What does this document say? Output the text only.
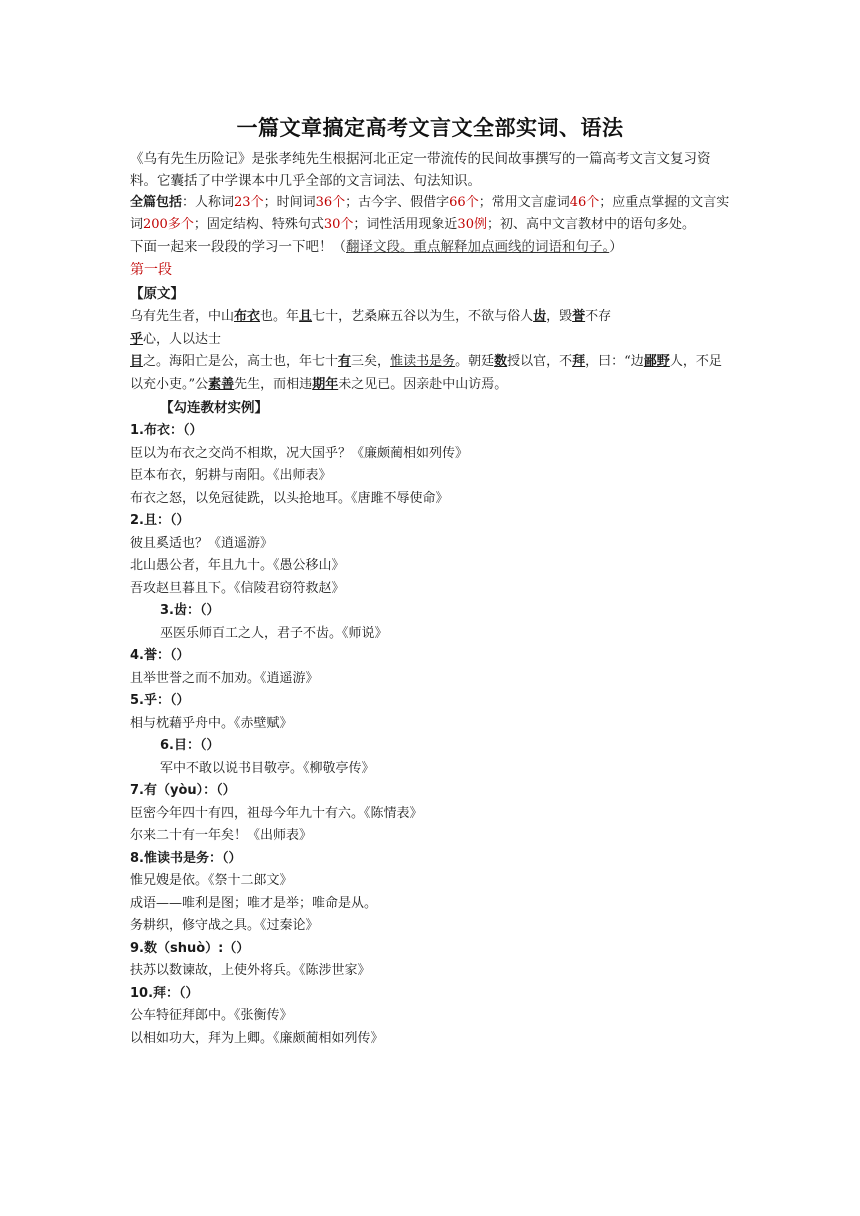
一篇文章搞定高考文言文全部实词、语法

《乌有先生历险记》是张孝纯先生根据河北正定一带流传的民间故事撰写的一篇高考文言文复习资料。它囊括了中学课本中几乎全部的文言词法、句法知识。

全篇包括：人称词23个；时间词36个；古今字、假借字66个；常用文言虚词46个；应重点掌握的文言实词200多个；固定结构、特殊句式30个；词性活用现象近30例；初、高中文言教材中的语句多处。

下面一起来一段段的学习一下吧！（翻译文段。重点解释加点画线的词语和句子。）

第一段

【原文】

乌有先生者，中山布衣也。年且七十，艺桑麻五谷以为生，不欲与俗人齿，毁誉不存
乎心，人以达士

目之。海阳亡是公，高士也，年七十有三矣，惟读书是务。朝廷数授以官，不拜，曰：“边鄙野人，不足

以充小吏。”公素善先生，而相违期年未之见已。因亲赴中山访焉。

【勾连教材实例】

1.布衣：（）

臣以为布衣之交尚不相欺，况大国乎？《廉颇蔺相如列传》

臣本布衣，躬耕与南阳。《出师表》

布衣之怒，以免冠徒跣，以头抢地耳。《唐雎不辱使命》

2.且：（）

彼且奚适也？《逍遥游》

北山愚公者，年且九十。《愚公移山》

吾攻赵旦暮且下。《信陵君窃符救赵》

3.齿：（）

巫医乐师百工之人，君子不齿。《师说》

4.誉：（）

且举世誉之而不加劝。《逍遥游》

5.乎：（）

相与枕藉乎舟中。《赤壁赋》

6.目：（）

军中不敢以说书目敬亭。《柳敬亭传》

7.有（yòu）：（）

臣密今年四十有四，祖母今年九十有六。《陈情表》

尔来二十有一年矣！《出师表》

8.惟读书是务：（）

惟兄嫂是依。《祭十二郎文》

成语——唯利是图；唯才是举；唯命是从。

务耕织，修守战之具。《过秦论》

9.数（shuò）:（）

扶苏以数谏故，上使外将兵。《陈涉世家》

10.拜：（）

公车特征拜郎中。《张衡传》

以相如功大，拜为上卿。《廉颇蔺相如列传》
